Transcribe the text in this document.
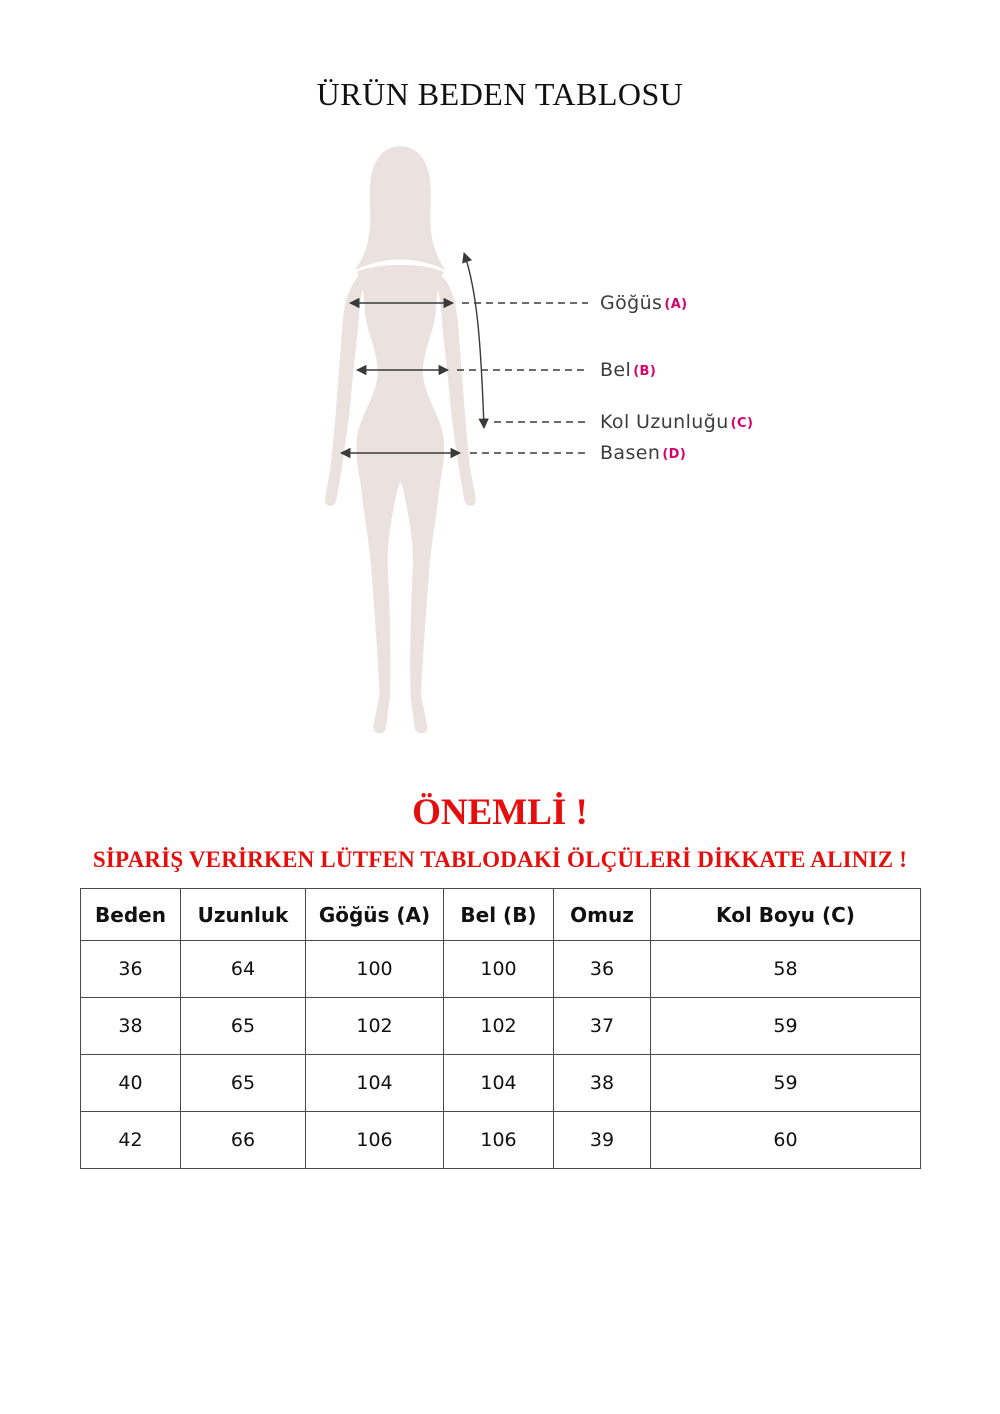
ÜRÜN BEDEN TABLOSU
Göğüs (A)
Bel (B)
Kol Uzunluğu (C)
Basen (D)
ÖNEMLİ !
SİPARİŞ VERİRKEN LÜTFEN TABLODAKİ ÖLÇÜLERİ DİKKATE ALINIZ !
Beden	Uzunluk	Göğüs (A)	Bel (B)	Omuz	Kol Boyu (C)
36	64	100	100	36	58
38	65	102	102	37	59
40	65	104	104	38	59
42	66	106	106	39	60
